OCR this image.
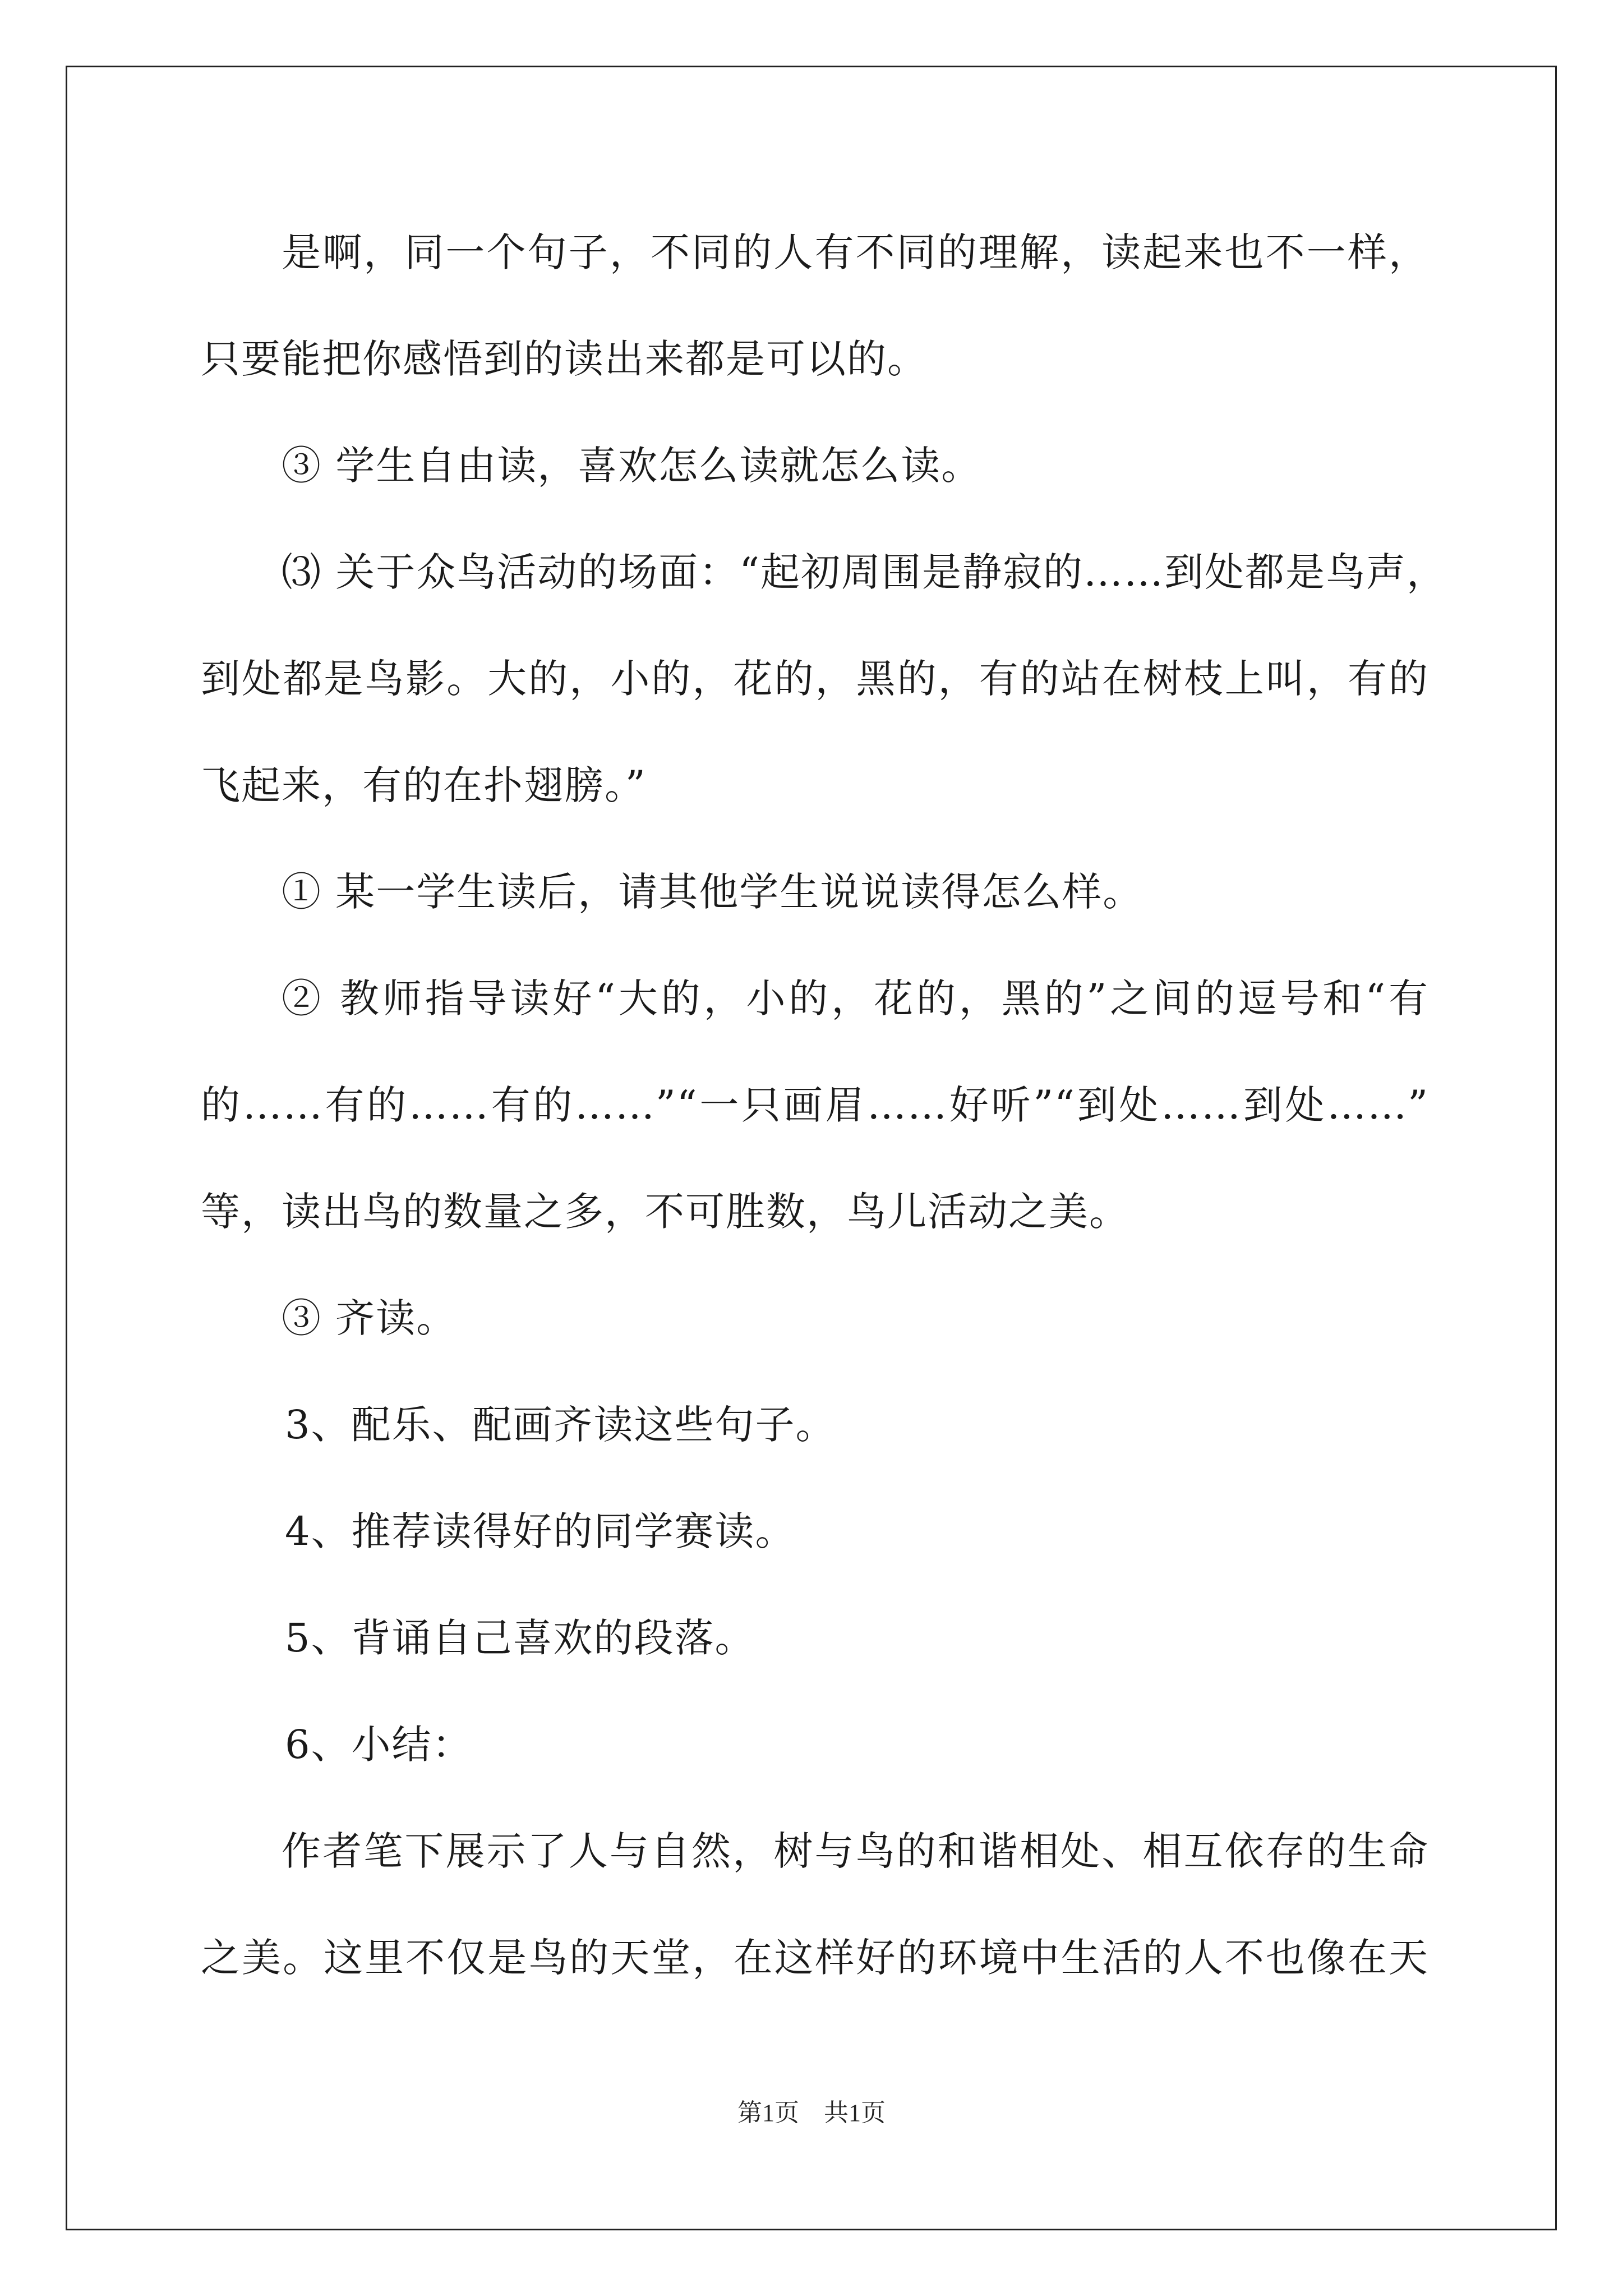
是啊，同一个句子，不同的人有不同的理解，读起来也不一样，
只要能把你感悟到的读出来都是可以的。
③ 学生自由读，喜欢怎么读就怎么读。
⑶ 关于众鸟活动的场面：“起初周围是静寂的……到处都是鸟声，
到处都是鸟影。大的，小的，花的，黑的，有的站在树枝上叫，有的
飞起来，有的在扑翅膀。”
① 某一学生读后，请其他学生说说读得怎么样。
② 教师指导读好“大的，小的，花的，黑的”之间的逗号和“有
的……有的……有的……”“一只画眉……好听”“到处……到处……”
等，读出鸟的数量之多，不可胜数，鸟儿活动之美。
③ 齐读。
3、配乐、配画齐读这些句子。
4、推荐读得好的同学赛读。
5、背诵自己喜欢的段落。
6、小结：
作者笔下展示了人与自然，树与鸟的和谐相处、相互依存的生命
之美。这里不仅是鸟的天堂，在这样好的环境中生活的人不也像在天
第1页 共1页
